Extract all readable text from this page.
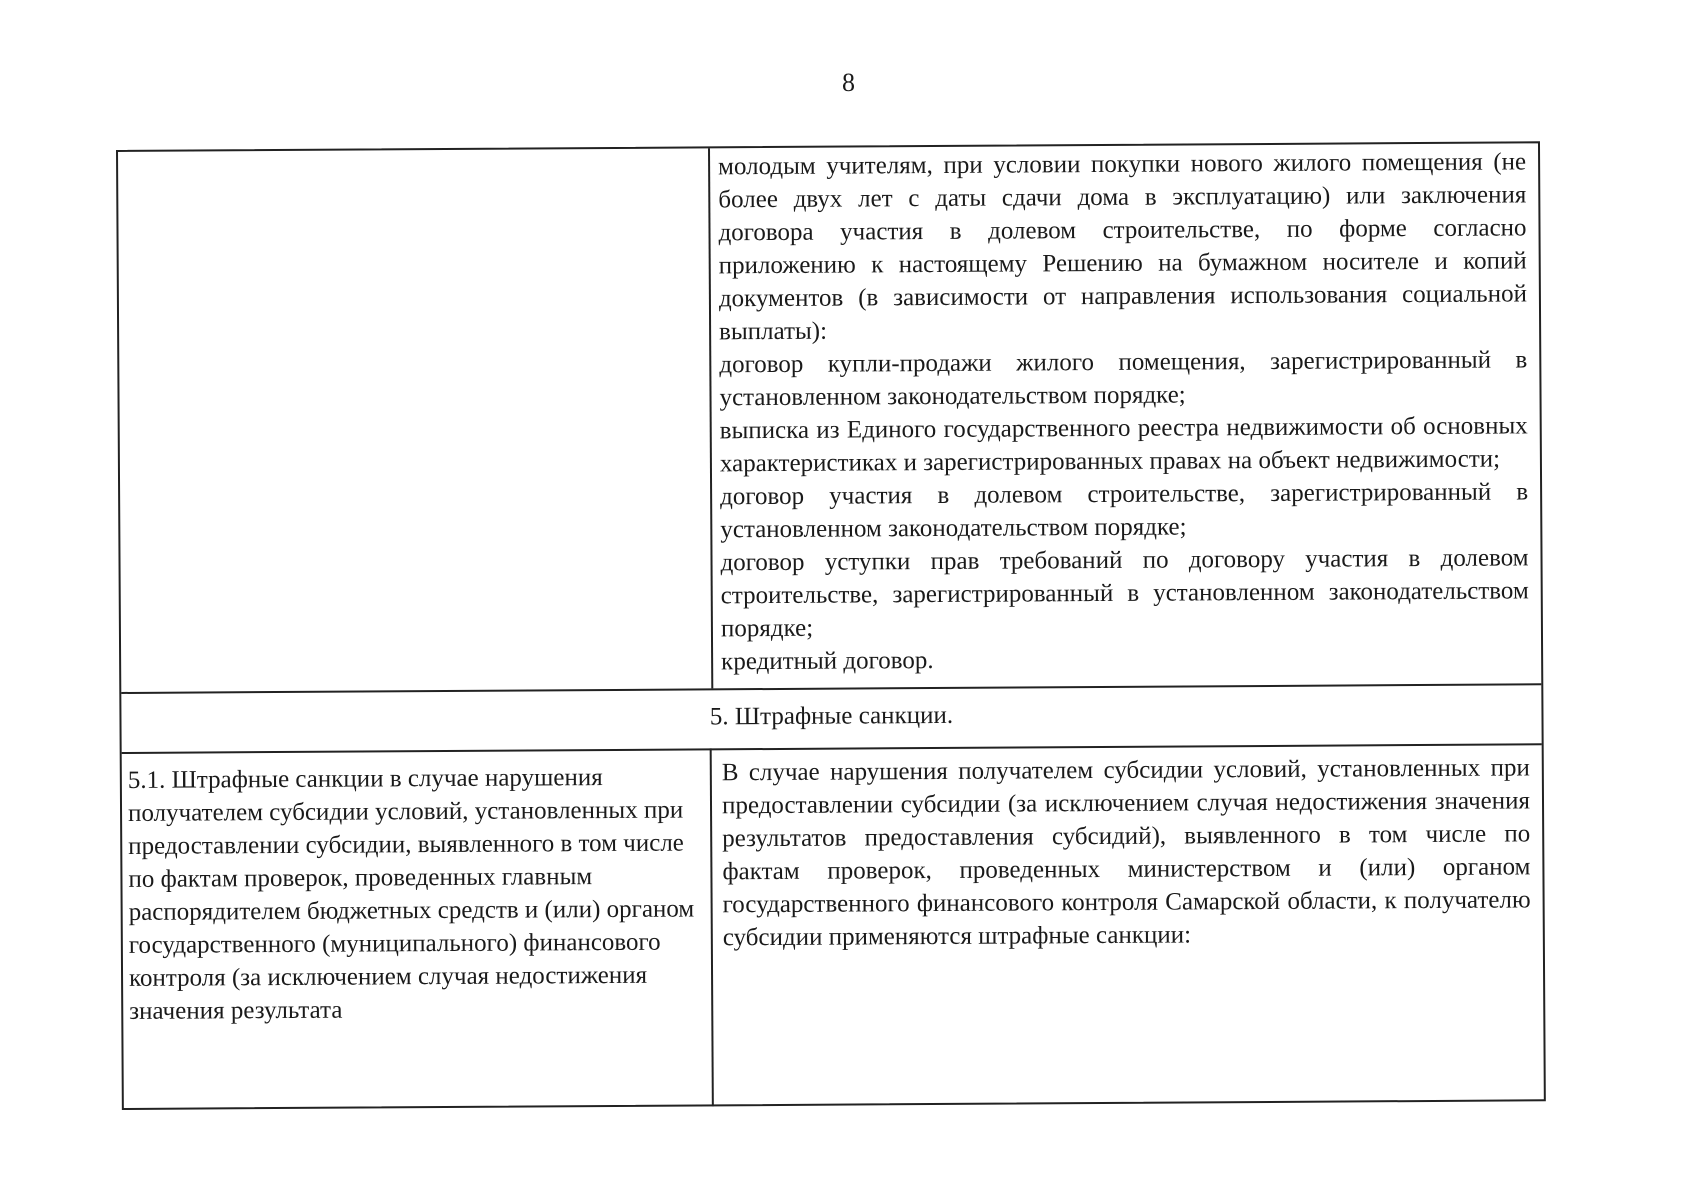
8

молодым учителям, при условии покупки нового жилого помещения (не более двух лет с даты сдачи дома в эксплуатацию) или заключения договора участия в долевом строительстве, по форме согласно приложению к настоящему Решению на бумажном носителе и копий документов (в зависимости от направления использования социальной выплаты):

договор купли-продажи жилого помещения, зарегистрированный в установленном законодательством порядке;

выписка из Единого государственного реестра недвижимости об основных характеристиках и зарегистрированных правах на объект недвижимости;

договор участия в долевом строительстве, зарегистрированный в установленном законодательством порядке;

договор уступки прав требований по договору участия в долевом строительстве, зарегистрированный в установленном законодательством порядке;

кредитный договор.

5. Штрафные санкции.

5.1. Штрафные санкции в случае нарушения получателем субсидии условий, установленных при предоставлении субсидии, выявленного в том числе по фактам проверок, проведенных главным распорядителем бюджетных средств и (или) органом государственного (муниципального) финансового контроля (за исключением случая недостижения значения результата

В случае нарушения получателем субсидии условий, установленных при предоставлении субсидии (за исключением случая недостижения значения результатов предоставления субсидий), выявленного в том числе по фактам проверок, проведенных министерством и (или) органом государственного финансового контроля Самарской области, к получателю субсидии применяются штрафные санкции:
